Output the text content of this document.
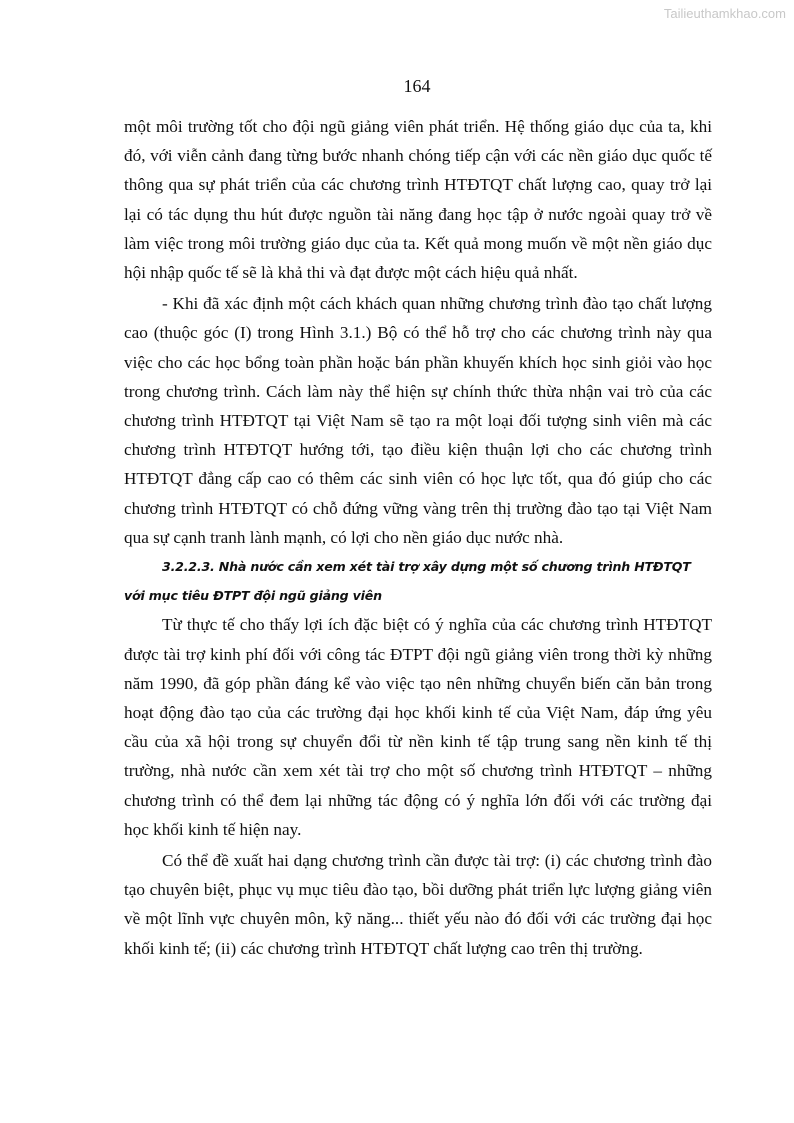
Tailieuthamkhao.com
164

một môi trường tốt cho đội ngũ giảng viên phát triển. Hệ thống giáo dục của ta, khi đó, với viễn cảnh đang từng bước nhanh chóng tiếp cận với các nền giáo dục quốc tế thông qua sự phát triển của các chương trình HTĐTQT chất lượng cao, quay trở lại lại có tác dụng thu hút được nguồn tài năng đang học tập ở nước ngoài quay trở về làm việc trong môi trường giáo dục của ta. Kết quả mong muốn về một nền giáo dục hội nhập quốc tế sẽ là khả thi và đạt được một cách hiệu quả nhất.

- Khi đã xác định một cách khách quan những chương trình đào tạo chất lượng cao (thuộc góc (I) trong Hình 3.1.) Bộ có thể hỗ trợ cho các chương trình này qua việc cho các học bổng toàn phần hoặc bán phần khuyến khích học sinh giỏi vào học trong chương trình. Cách làm này thể hiện sự chính thức thừa nhận vai trò của các chương trình HTĐTQT tại Việt Nam sẽ tạo ra một loại đối tượng sinh viên mà các chương trình HTĐTQT hướng tới, tạo điều kiện thuận lợi cho các chương trình HTĐTQT đẳng cấp cao có thêm các sinh viên có học lực tốt, qua đó giúp cho các chương trình HTĐTQT có chỗ đứng vững vàng trên thị trường đào tạo tại Việt Nam qua sự cạnh tranh lành mạnh, có lợi cho nền giáo dục nước nhà.

3.2.2.3. Nhà nước cần xem xét tài trợ xây dựng một số chương trình HTĐTQT
với mục tiêu ĐTPT đội ngũ giảng viên

Từ thực tế cho thấy lợi ích đặc biệt có ý nghĩa của các chương trình HTĐTQT được tài trợ kinh phí đối với công tác ĐTPT đội ngũ giảng viên trong thời kỳ những năm 1990, đã góp phần đáng kể vào việc tạo nên những chuyển biến căn bản trong hoạt động đào tạo của các trường đại học khối kinh tế của Việt Nam, đáp ứng yêu cầu của xã hội trong sự chuyển đổi từ nền kinh tế tập trung sang nền kinh tế thị trường, nhà nước cần xem xét tài trợ cho một số chương trình HTĐTQT – những chương trình có thể đem lại những tác động có ý nghĩa lớn đối với các trường đại học khối kinh tế hiện nay.

Có thể đề xuất hai dạng chương trình cần được tài trợ: (i) các chương trình đào tạo chuyên biệt, phục vụ mục tiêu đào tạo, bồi dưỡng phát triển lực lượng giảng viên về một lĩnh vực chuyên môn, kỹ năng... thiết yếu nào đó đối với các trường đại học khối kinh tế; (ii) các chương trình HTĐTQT chất lượng cao trên thị trường.
